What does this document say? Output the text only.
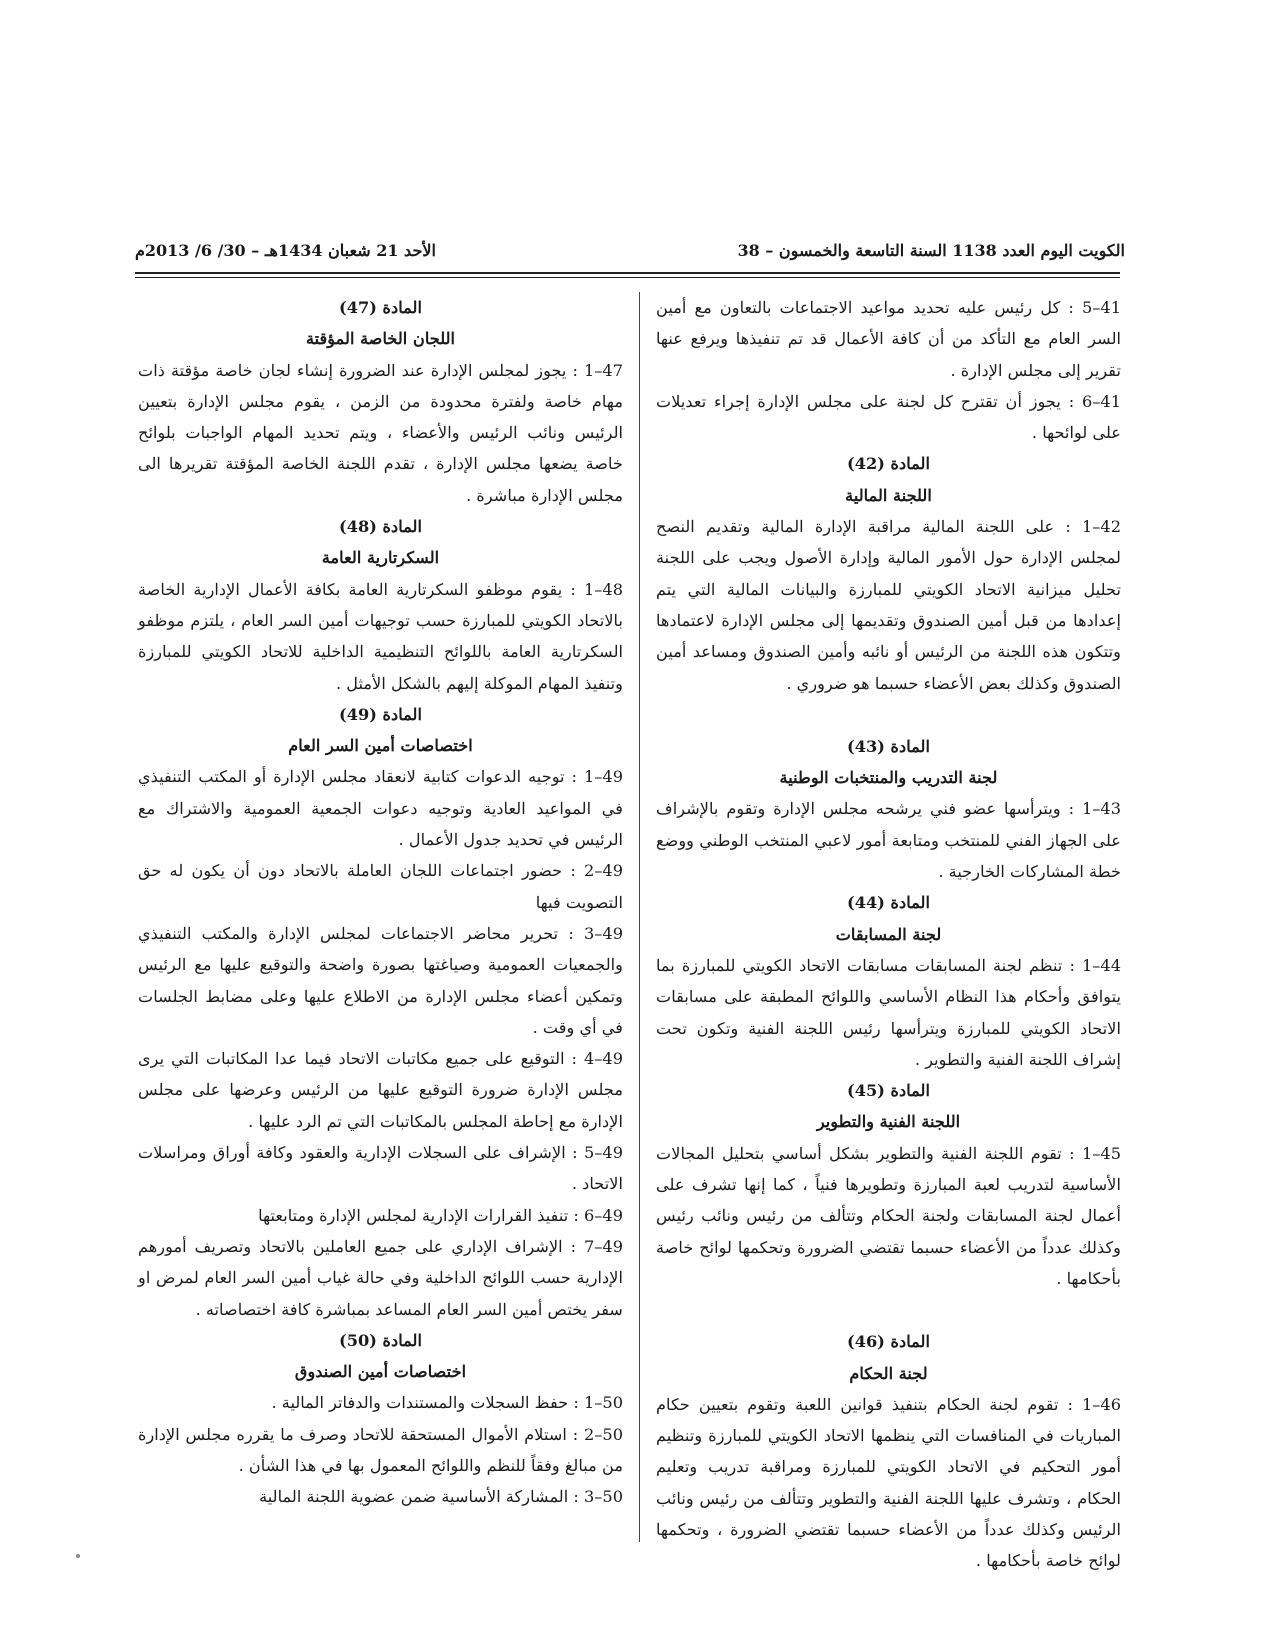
الكويت اليوم العدد 1138 السنة التاسعة والخمسون – 38
الأحد 21 شعبان 1434هـ – 30/ 6/ 2013م
41–5 : كل رئيس عليه تحديد مواعيد الاجتماعات بالتعاون مع أمين السر العام مع التأكد من أن كافة الأعمال قد تم تنفيذها ويرفع عنها تقرير إلى مجلس الإدارة .
41–6 : يجوز أن تقترح كل لجنة على مجلس الإدارة إجراء تعديلات على لوائحها .
المادة (42)
اللجنة المالية
42–1 : على اللجنة المالية مراقبة الإدارة المالية وتقديم النصح لمجلس الإدارة حول الأمور المالية وإدارة الأصول ويجب على اللجنة تحليل ميزانية الاتحاد الكويتي للمبارزة والبيانات المالية التي يتم إعدادها من قبل أمين الصندوق وتقديمها إلى مجلس الإدارة لاعتمادها وتتكون هذه اللجنة من الرئيس أو نائبه وأمين الصندوق ومساعد أمين الصندوق وكذلك بعض الأعضاء حسبما هو ضروري .
المادة (43)
لجنة التدريب والمنتخبات الوطنية
43–1 : ويترأسها عضو فني يرشحه مجلس الإدارة وتقوم بالإشراف على الجهاز الفني للمنتخب ومتابعة أمور لاعبي المنتخب الوطني ووضع خطة المشاركات الخارجية .
المادة (44)
لجنة المسابقات
44–1 : تنظم لجنة المسابقات مسابقات الاتحاد الكويتي للمبارزة بما يتوافق وأحكام هذا النظام الأساسي واللوائح المطبقة على مسابقات الاتحاد الكويتي للمبارزة ويترأسها رئيس اللجنة الفنية وتكون تحت إشراف اللجنة الفنية والتطوير .
المادة (45)
اللجنة الفنية والتطوير
45–1 : تقوم اللجنة الفنية والتطوير بشكل أساسي بتحليل المجالات الأساسية لتدريب لعبة المبارزة وتطويرها فنياً ، كما إنها تشرف على أعمال لجنة المسابقات ولجنة الحكام وتتألف من رئيس ونائب رئيس وكذلك عدداً من الأعضاء حسبما تقتضي الضرورة وتحكمها لوائح خاصة بأحكامها .
المادة (46)
لجنة الحكام
46–1 : تقوم لجنة الحكام بتنفيذ قوانين اللعبة وتقوم بتعيين حكام المباريات في المنافسات التي ينظمها الاتحاد الكويتي للمبارزة وتنظيم أمور التحكيم في الاتحاد الكويتي للمبارزة ومراقبة تدريب وتعليم الحكام ، وتشرف عليها اللجنة الفنية والتطوير وتتألف من رئيس ونائب الرئيس وكذلك عدداً من الأعضاء حسبما تقتضي الضرورة ، وتحكمها لوائح خاصة بأحكامها .
المادة (47)
اللجان الخاصة المؤقتة
47–1 : يجوز لمجلس الإدارة عند الضرورة إنشاء لجان خاصة مؤقتة ذات مهام خاصة ولفترة محدودة من الزمن ، يقوم مجلس الإدارة بتعيين الرئيس ونائب الرئيس والأعضاء ، ويتم تحديد المهام الواجبات بلوائح خاصة يضعها مجلس الإدارة ، تقدم اللجنة الخاصة المؤقتة تقريرها الى مجلس الإدارة مباشرة .
المادة (48)
السكرتارية العامة
48–1 : يقوم موظفو السكرتارية العامة بكافة الأعمال الإدارية الخاصة بالاتحاد الكويتي للمبارزة حسب توجيهات أمين السر العام ، يلتزم موظفو السكرتارية العامة باللوائح التنظيمية الداخلية للاتحاد الكويتي للمبارزة وتنفيذ المهام الموكلة إليهم بالشكل الأمثل .
المادة (49)
اختصاصات أمين السر العام
49–1 : توجيه الدعوات كتابية لانعقاد مجلس الإدارة أو المكتب التنفيذي في المواعيد العادية وتوجيه دعوات الجمعية العمومية والاشتراك مع الرئيس في تحديد جدول الأعمال .
49–2 : حضور اجتماعات اللجان العاملة بالاتحاد دون أن يكون له حق التصويت فيها
49–3 : تحرير محاضر الاجتماعات لمجلس الإدارة والمكتب التنفيذي والجمعيات العمومية وصياغتها بصورة واضحة والتوقيع عليها مع الرئيس وتمكين أعضاء مجلس الإدارة من الاطلاع عليها وعلى مضابط الجلسات في أي وقت .
49–4 : التوقيع على جميع مكاتبات الاتحاد فيما عدا المكاتبات التي يرى مجلس الإدارة ضرورة التوقيع عليها من الرئيس وعرضها على مجلس الإدارة مع إحاطة المجلس بالمكاتبات التي تم الرد عليها .
49–5 : الإشراف على السجلات الإدارية والعقود وكافة أوراق ومراسلات الاتحاد .
49–6 : تنفيذ القرارات الإدارية لمجلس الإدارة ومتابعتها
49–7 : الإشراف الإداري على جميع العاملين بالاتحاد وتصريف أمورهم الإدارية حسب اللوائح الداخلية وفي حالة غياب أمين السر العام لمرض او سفر يختص أمين السر العام المساعد بمباشرة كافة اختصاصاته .
المادة (50)
اختصاصات أمين الصندوق
50–1 : حفظ السجلات والمستندات والدفاتر المالية .
50–2 : استلام الأموال المستحقة للاتحاد وصرف ما يقرره مجلس الإدارة من مبالغ وفقاً للنظم واللوائح المعمول بها في هذا الشأن .
50–3 : المشاركة الأساسية ضمن عضوية اللجنة المالية
